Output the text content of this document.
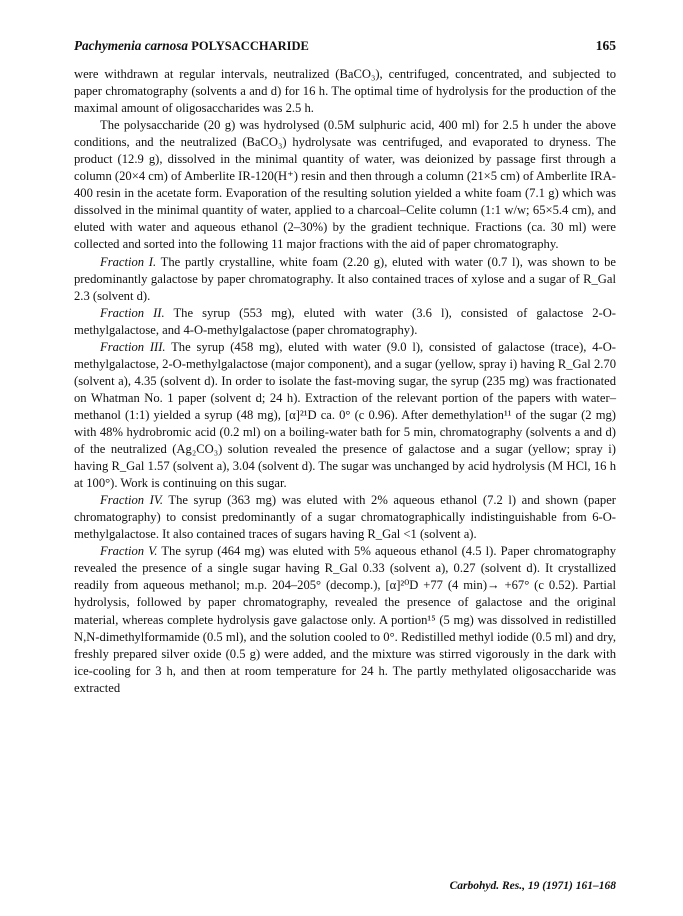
Pachymenia carnosa POLYSACCHARIDE	165

were withdrawn at regular intervals, neutralized (BaCO₃), centrifuged, concentrated, and subjected to paper chromatography (solvents a and d) for 16 h. The optimal time of hydrolysis for the production of the maximal amount of oligosaccharides was 2.5 h.

The polysaccharide (20 g) was hydrolysed (0.5M sulphuric acid, 400 ml) for 2.5 h under the above conditions, and the neutralized (BaCO₃) hydrolysate was centrifuged, and evaporated to dryness. The product (12.9 g), dissolved in the minimal quantity of water, was deionized by passage first through a column (20×4 cm) of Amberlite IR-120(H⁺) resin and then through a column (21×5 cm) of Amberlite IRA-400 resin in the acetate form. Evaporation of the resulting solution yielded a white foam (7.1 g) which was dissolved in the minimal quantity of water, applied to a charcoal–Celite column (1:1 w/w; 65×5.4 cm), and eluted with water and aqueous ethanol (2–30%) by the gradient technique. Fractions (ca. 30 ml) were collected and sorted into the following 11 major fractions with the aid of paper chromatography.

Fraction I. The partly crystalline, white foam (2.20 g), eluted with water (0.7 l), was shown to be predominantly galactose by paper chromatography. It also contained traces of xylose and a sugar of R_Gal 2.3 (solvent d).

Fraction II. The syrup (553 mg), eluted with water (3.6 l), consisted of galactose 2-O-methylgalactose, and 4-O-methylgalactose (paper chromatography).

Fraction III. The syrup (458 mg), eluted with water (9.0 l), consisted of galactose (trace), 4-O-methylgalactose, 2-O-methylgalactose (major component), and a sugar (yellow, spray i) having R_Gal 2.70 (solvent a), 4.35 (solvent d). In order to isolate the fast-moving sugar, the syrup (235 mg) was fractionated on Whatman No. 1 paper (solvent d; 24 h). Extraction of the relevant portion of the papers with water–methanol (1:1) yielded a syrup (48 mg), [α]²¹D ca. 0° (c 0.96). After demethylation¹¹ of the sugar (2 mg) with 48% hydrobromic acid (0.2 ml) on a boiling-water bath for 5 min, chromatography (solvents a and d) of the neutralized (Ag₂CO₃) solution revealed the presence of galactose and a sugar (yellow; spray i) having R_Gal 1.57 (solvent a), 3.04 (solvent d). The sugar was unchanged by acid hydrolysis (M HCl, 16 h at 100°). Work is continuing on this sugar.

Fraction IV. The syrup (363 mg) was eluted with 2% aqueous ethanol (7.2 l) and shown (paper chromatography) to consist predominantly of a sugar chromatographically indistinguishable from 6-O-methylgalactose. It also contained traces of sugars having R_Gal <1 (solvent a).

Fraction V. The syrup (464 mg) was eluted with 5% aqueous ethanol (4.5 l). Paper chromatography revealed the presence of a single sugar having R_Gal 0.33 (solvent a), 0.27 (solvent d). It crystallized readily from aqueous methanol; m.p. 204–205° (decomp.), [α]²⁰D +77 (4 min)→ +67° (c 0.52). Partial hydrolysis, followed by paper chromatography, revealed the presence of galactose and the original material, whereas complete hydrolysis gave galactose only. A portion¹⁵ (5 mg) was dissolved in redistilled N,N-dimethylformamide (0.5 ml), and the solution cooled to 0°. Redistilled methyl iodide (0.5 ml) and dry, freshly prepared silver oxide (0.5 g) were added, and the mixture was stirred vigorously in the dark with ice-cooling for 3 h, and then at room temperature for 24 h. The partly methylated oligosaccharide was extracted

Carbohyd. Res., 19 (1971) 161–168
